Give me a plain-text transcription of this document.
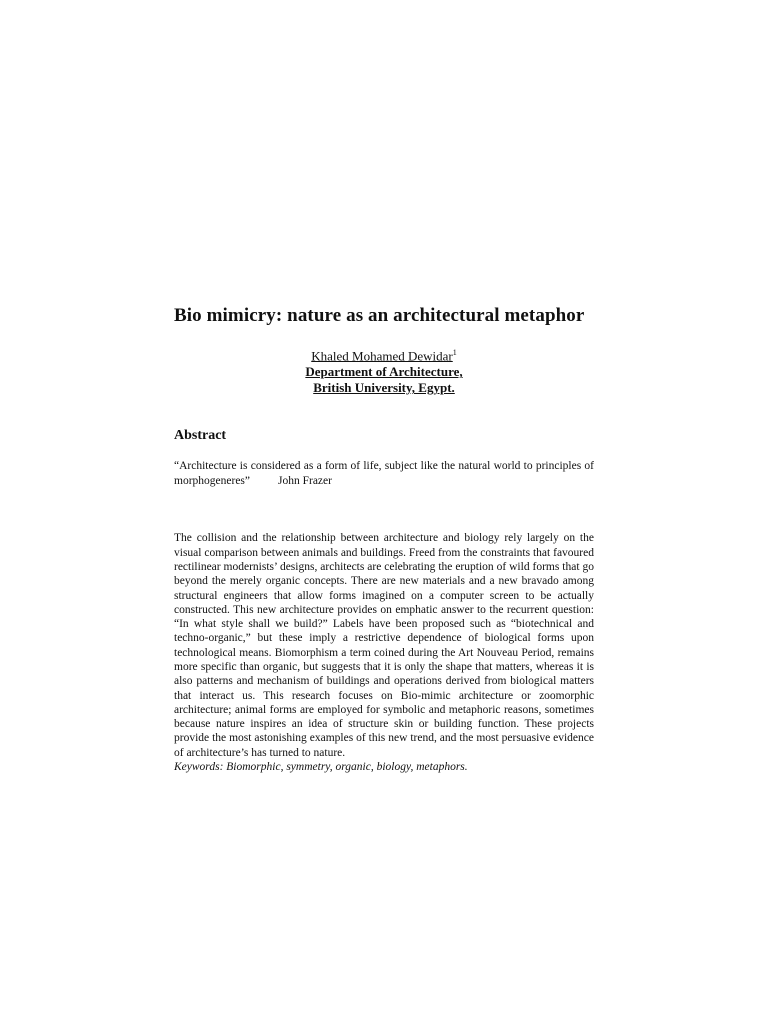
Bio mimicry: nature as an architectural metaphor
Khaled Mohamed Dewidar$^1$
Department of Architecture,
British University, Egypt.
Abstract
“Architecture is considered as a form of life, subject like the natural world to principles of morphogeneres” John Frazer
The collision and the relationship between architecture and biology rely largely on the visual comparison between animals and buildings. Freed from the constraints that favoured rectilinear modernists’ designs, architects are celebrating the eruption of wild forms that go beyond the merely organic concepts. There are new materials and a new bravado among structural engineers that allow forms imagined on a computer screen to be actually constructed. This new architecture provides on emphatic answer to the recurrent question: “In what style shall we build?” Labels have been proposed such as “biotechnical and techno-organic,” but these imply a restrictive dependence of biological forms upon technological means. Biomorphism a term coined during the Art Nouveau Period, remains more specific than organic, but suggests that it is only the shape that matters, whereas it is also patterns and mechanism of buildings and operations derived from biological matters that interact us. This research focuses on Bio-mimic architecture or zoomorphic architecture; animal forms are employed for symbolic and metaphoric reasons, sometimes because nature inspires an idea of structure skin or building function. These projects provide the most astonishing examples of this new trend, and the most persuasive evidence of architecture’s has turned to nature.
Keywords: Biomorphic, symmetry, organic, biology, metaphors.
